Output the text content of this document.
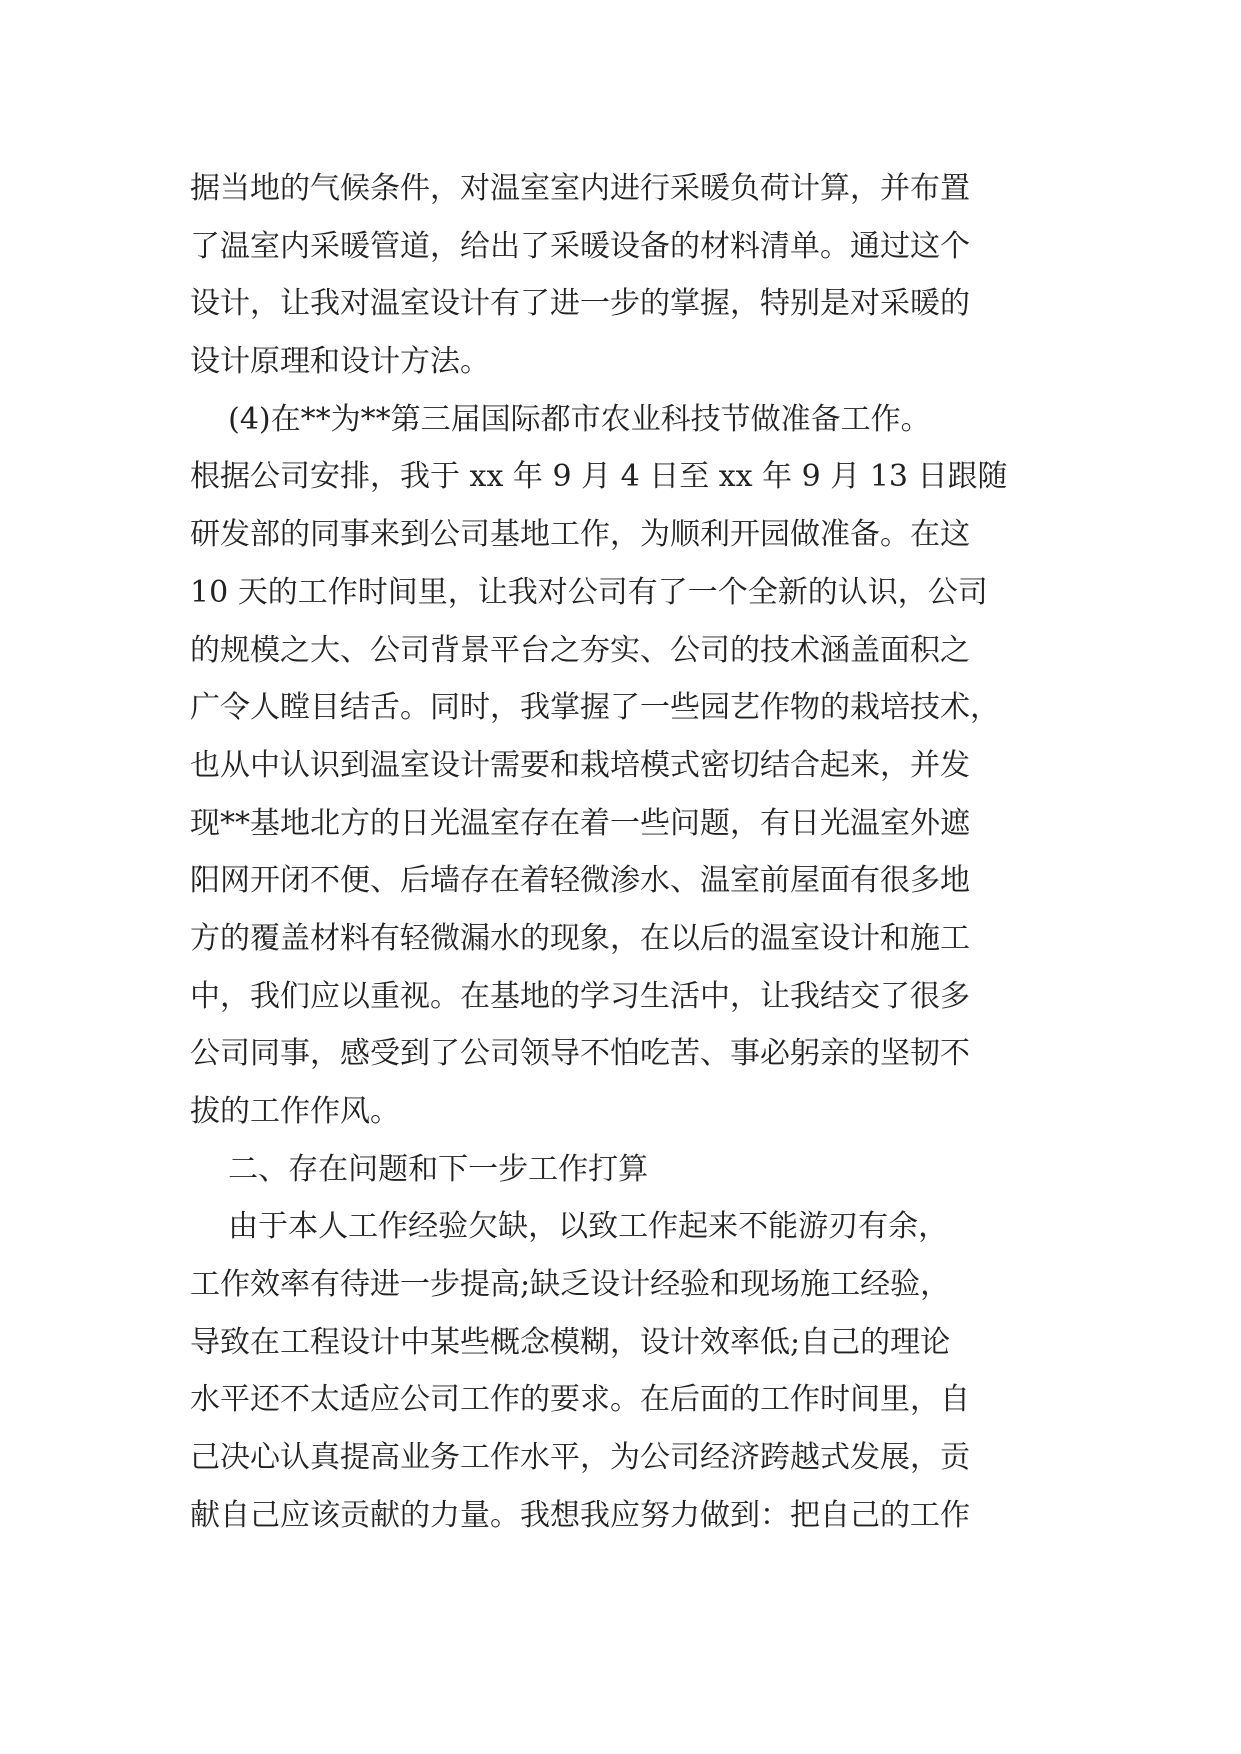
据当地的气候条件，对温室室内进行采暖负荷计算，并布置
了温室内采暖管道，给出了采暖设备的材料清单。通过这个
设计，让我对温室设计有了进一步的掌握，特别是对采暖的
设计原理和设计方法。
(4)在**为**第三届国际都市农业科技节做准备工作。
根据公司安排，我于 xx 年 9 月 4 日至 xx 年 9 月 13 日跟随
研发部的同事来到公司基地工作，为顺利开园做准备。在这
10 天的工作时间里，让我对公司有了一个全新的认识，公司
的规模之大、公司背景平台之夯实、公司的技术涵盖面积之
广令人瞠目结舌。同时，我掌握了一些园艺作物的栽培技术，
也从中认识到温室设计需要和栽培模式密切结合起来，并发
现**基地北方的日光温室存在着一些问题，有日光温室外遮
阳网开闭不便、后墙存在着轻微渗水、温室前屋面有很多地
方的覆盖材料有轻微漏水的现象，在以后的温室设计和施工
中，我们应以重视。在基地的学习生活中，让我结交了很多
公司同事，感受到了公司领导不怕吃苦、事必躬亲的坚韧不
拔的工作作风。
二、存在问题和下一步工作打算
由于本人工作经验欠缺，以致工作起来不能游刃有余，
工作效率有待进一步提高;缺乏设计经验和现场施工经验，
导致在工程设计中某些概念模糊，设计效率低;自己的理论
水平还不太适应公司工作的要求。在后面的工作时间里，自
己决心认真提高业务工作水平，为公司经济跨越式发展，贡
献自己应该贡献的力量。我想我应努力做到：把自己的工作
